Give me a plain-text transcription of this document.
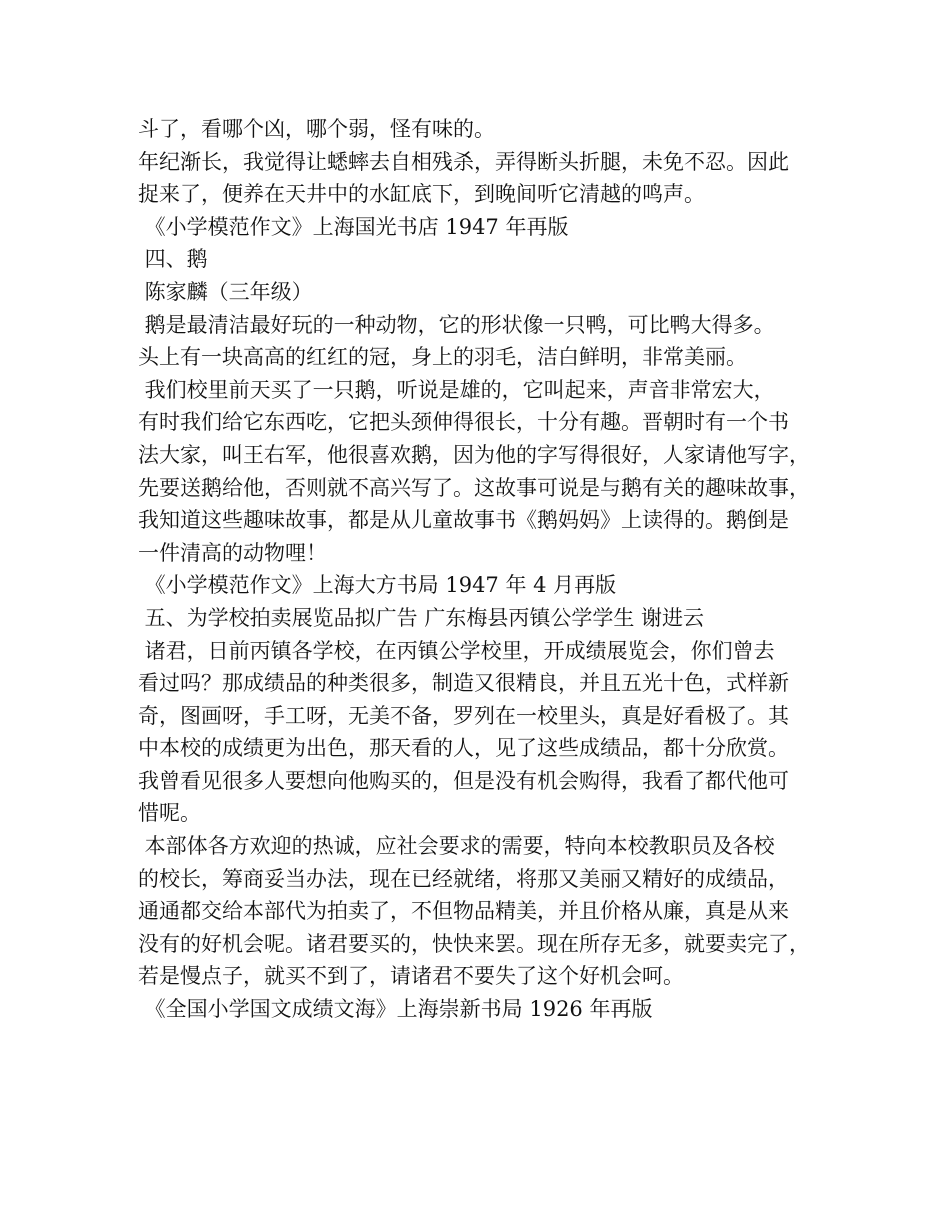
斗了，看哪个凶，哪个弱，怪有味的。
年纪渐长，我觉得让蟋蟀去自相残杀，弄得断头折腿，未免不忍。因此
捉来了，便养在天井中的水缸底下，到晚间听它清越的鸣声。
《小学模范作文》上海国光书店 1947 年再版
四、鹅
陈家麟（三年级）
鹅是最清洁最好玩的一种动物，它的形状像一只鸭，可比鸭大得多。
头上有一块高高的红红的冠，身上的羽毛，洁白鲜明，非常美丽。
我们校里前天买了一只鹅，听说是雄的，它叫起来，声音非常宏大，
有时我们给它东西吃，它把头颈伸得很长，十分有趣。晋朝时有一个书
法大家，叫王右军，他很喜欢鹅，因为他的字写得很好，人家请他写字，
先要送鹅给他，否则就不高兴写了。这故事可说是与鹅有关的趣味故事，
我知道这些趣味故事，都是从儿童故事书《鹅妈妈》上读得的。鹅倒是
一件清高的动物哩！
《小学模范作文》上海大方书局 1947 年 4 月再版
五、为学校拍卖展览品拟广告 广东梅县丙镇公学学生 谢进云
诸君，日前丙镇各学校，在丙镇公学校里，开成绩展览会，你们曾去
看过吗？那成绩品的种类很多，制造又很精良，并且五光十色，式样新
奇，图画呀，手工呀，无美不备，罗列在一校里头，真是好看极了。其
中本校的成绩更为出色，那天看的人，见了这些成绩品，都十分欣赏。
我曾看见很多人要想向他购买的，但是没有机会购得，我看了都代他可
惜呢。
本部体各方欢迎的热诚，应社会要求的需要，特向本校教职员及各校
的校长，筹商妥当办法，现在已经就绪，将那又美丽又精好的成绩品，
通通都交给本部代为拍卖了，不但物品精美，并且价格从廉，真是从来
没有的好机会呢。诸君要买的，快快来罢。现在所存无多，就要卖完了，
若是慢点子，就买不到了，请诸君不要失了这个好机会呵。
《全国小学国文成绩文海》上海崇新书局 1926 年再版
